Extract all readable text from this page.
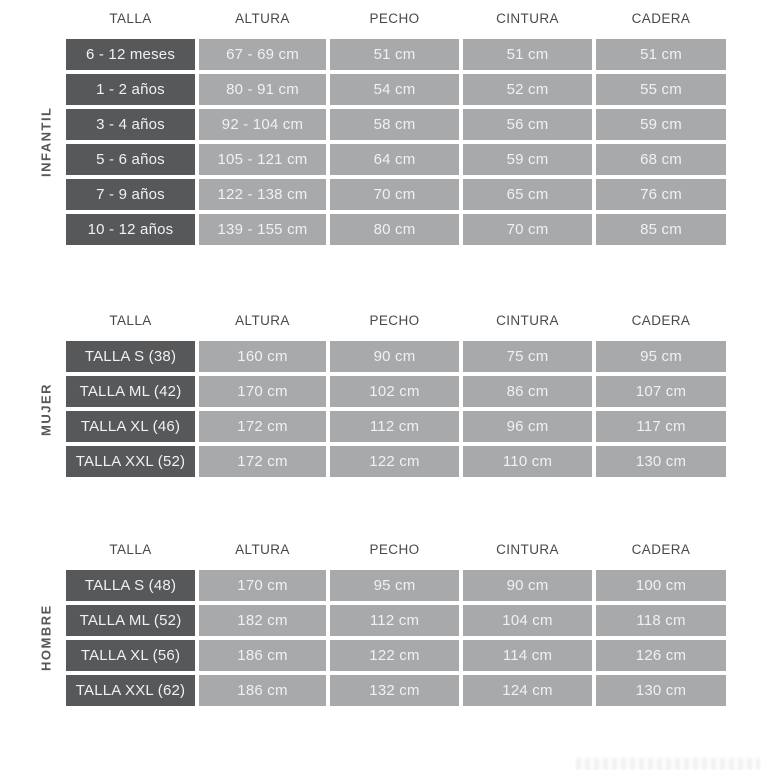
INFANTIL
TALLA	ALTURA	PECHO	CINTURA	CADERA
6 - 12 meses	67 - 69 cm	51 cm	51 cm	51 cm
1 - 2 años	80 - 91 cm	54 cm	52 cm	55 cm
3 - 4 años	92 - 104 cm	58 cm	56 cm	59 cm
5 - 6 años	105 - 121 cm	64 cm	59 cm	68 cm
7 - 9 años	122 - 138 cm	70 cm	65 cm	76 cm
10 - 12 años	139 - 155 cm	80 cm	70 cm	85 cm
MUJER
TALLA	ALTURA	PECHO	CINTURA	CADERA
TALLA S (38)	160 cm	90 cm	75 cm	95 cm
TALLA ML (42)	170 cm	102 cm	86 cm	107 cm
TALLA XL (46)	172 cm	112 cm	96 cm	117 cm
TALLA XXL (52)	172 cm	122 cm	110 cm	130 cm
HOMBRE
TALLA	ALTURA	PECHO	CINTURA	CADERA
TALLA S (48)	170 cm	95 cm	90 cm	100 cm
TALLA ML (52)	182 cm	112 cm	104 cm	118 cm
TALLA XL (56)	186 cm	122 cm	114 cm	126 cm
TALLA XXL (62)	186 cm	132 cm	124 cm	130 cm
